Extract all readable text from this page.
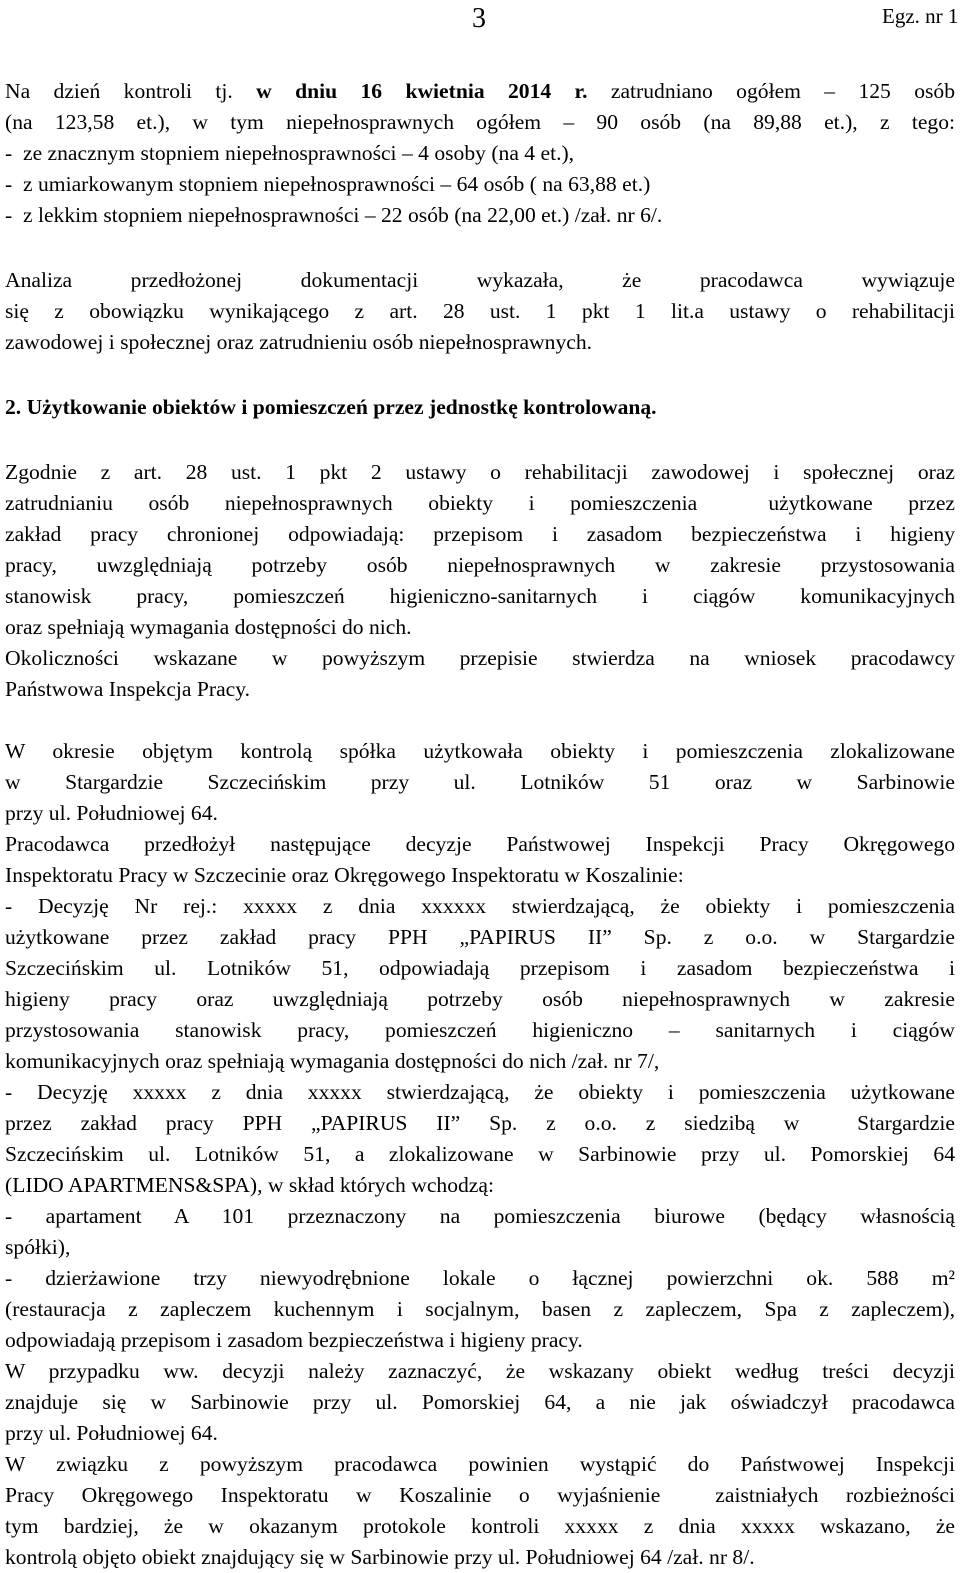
3	Egz. nr 1
Na dzień kontroli tj. w dniu 16 kwietnia 2014 r. zatrudniano ogółem – 125 osób
(na 123,58 et.), w tym niepełnosprawnych ogółem – 90 osób (na 89,88 et.), z tego:
-  ze znacznym stopniem niepełnosprawności – 4 osoby (na 4 et.),
-  z umiarkowanym stopniem niepełnosprawności – 64 osób ( na 63,88 et.)
-  z lekkim stopniem niepełnosprawności – 22 osób (na 22,00 et.) /zał. nr 6/.
Analiza przedłożonej dokumentacji wykazała, że pracodawca wywiązuje
się z obowiązku wynikającego z art. 28 ust. 1 pkt 1 lit.a ustawy o rehabilitacji
zawodowej i społecznej oraz zatrudnieniu osób niepełnosprawnych.
2. Użytkowanie obiektów i pomieszczeń przez jednostkę kontrolowaną.
Zgodnie z art. 28 ust. 1 pkt 2 ustawy o rehabilitacji zawodowej i społecznej oraz
zatrudnianiu osób niepełnosprawnych obiekty i pomieszczenia  użytkowane przez
zakład pracy chronionej odpowiadają: przepisom i zasadom bezpieczeństwa i higieny
pracy, uwzględniają potrzeby osób niepełnosprawnych w zakresie przystosowania
stanowisk pracy, pomieszczeń higieniczno-sanitarnych i ciągów komunikacyjnych
oraz spełniają wymagania dostępności do nich.
Okoliczności wskazane w powyższym przepisie stwierdza na wniosek pracodawcy
Państwowa Inspekcja Pracy.
W okresie objętym kontrolą spółka użytkowała obiekty i pomieszczenia zlokalizowane
w Stargardzie Szczecińskim przy ul. Lotników 51 oraz w Sarbinowie
przy ul. Południowej 64.
Pracodawca przedłożył następujące decyzje Państwowej Inspekcji Pracy Okręgowego
Inspektoratu Pracy w Szczecinie oraz Okręgowego Inspektoratu w Koszalinie:
- Decyzję Nr rej.: xxxxx z dnia xxxxxx stwierdzającą, że obiekty i pomieszczenia
użytkowane przez zakład pracy PPH „PAPIRUS II” Sp. z o.o. w Stargardzie
Szczecińskim ul. Lotników 51, odpowiadają przepisom i zasadom bezpieczeństwa i
higieny pracy oraz uwzględniają potrzeby osób niepełnosprawnych w zakresie
przystosowania stanowisk pracy, pomieszczeń higieniczno – sanitarnych i ciągów
komunikacyjnych oraz spełniają wymagania dostępności do nich /zał. nr 7/,
- Decyzję xxxxx z dnia xxxxx stwierdzającą, że obiekty i pomieszczenia użytkowane
przez zakład pracy PPH „PAPIRUS II” Sp. z o.o. z siedzibą w  Stargardzie
Szczecińskim ul. Lotników 51, a zlokalizowane w Sarbinowie przy ul. Pomorskiej 64
(LIDO APARTMENS&SPA), w skład których wchodzą:
- apartament A 101 przeznaczony na pomieszczenia biurowe (będący własnością
spółki),
- dzierżawione trzy niewyodrębnione lokale o łącznej powierzchni ok. 588 m²
(restauracja z zapleczem kuchennym i socjalnym, basen z zapleczem, Spa z zapleczem),
odpowiadają przepisom i zasadom bezpieczeństwa i higieny pracy.
W przypadku ww. decyzji należy zaznaczyć, że wskazany obiekt według treści decyzji
znajduje się w Sarbinowie przy ul. Pomorskiej 64, a nie jak oświadczył pracodawca
przy ul. Południowej 64.
W związku z powyższym pracodawca powinien wystąpić do Państwowej Inspekcji
Pracy Okręgowego Inspektoratu w Koszalinie o wyjaśnienie  zaistniałych rozbieżności
tym bardziej, że w okazanym protokole kontroli xxxxx z dnia xxxxx wskazano, że
kontrolą objęto obiekt znajdujący się w Sarbinowie przy ul. Południowej 64 /zał. nr 8/.
